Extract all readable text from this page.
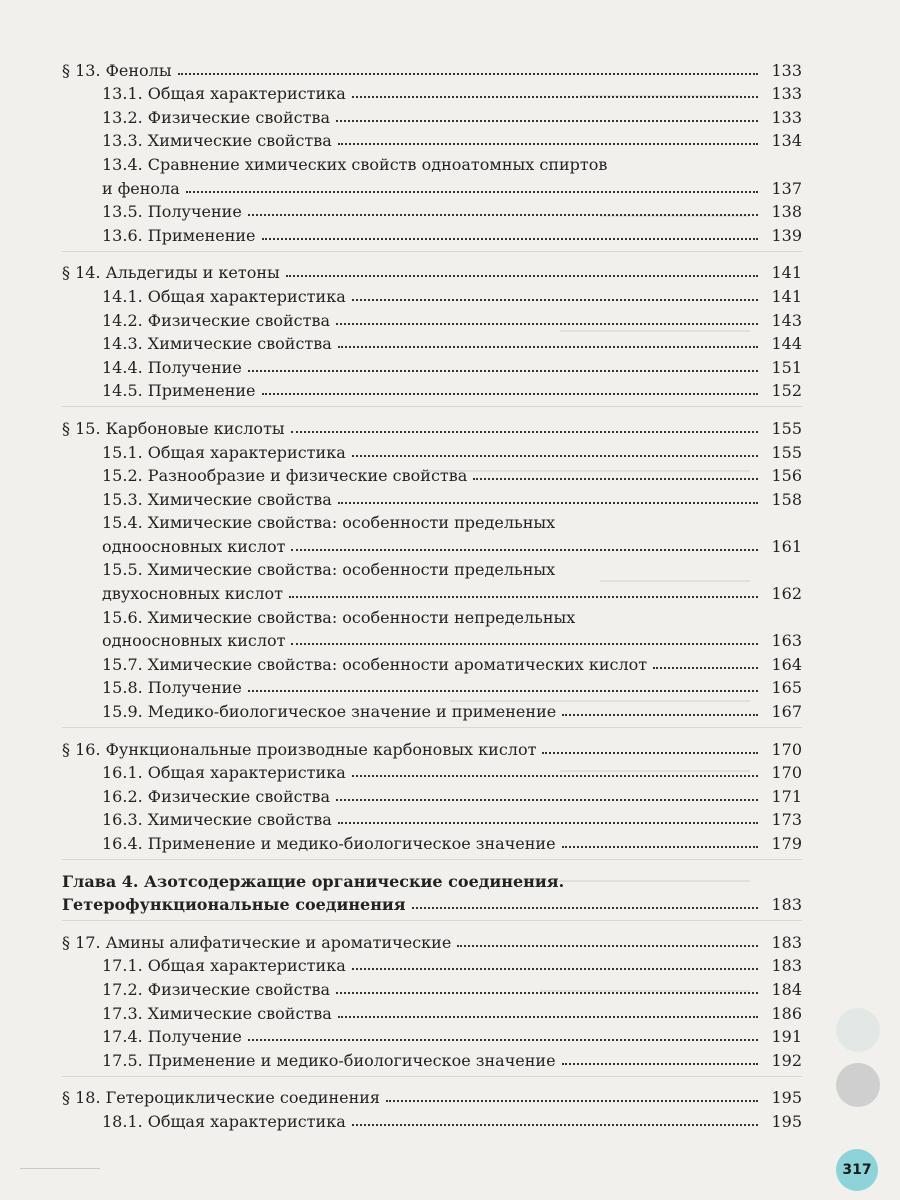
§ 13. Фенолы	133
13.1. Общая характеристика	133
13.2. Физические свойства	133
13.3. Химические свойства	134
13.4. Сравнение химических свойств одноатомных спиртов
и фенола	137
13.5. Получение	138
13.6. Применение	139
§ 14. Альдегиды и кетоны	141
14.1. Общая характеристика	141
14.2. Физические свойства	143
14.3. Химические свойства	144
14.4. Получение	151
14.5. Применение	152
§ 15. Карбоновые кислоты	155
15.1. Общая характеристика	155
15.2. Разнообразие и физические свойства	156
15.3. Химические свойства	158
15.4. Химические свойства: особенности предельных
одноосновных кислот	161
15.5. Химические свойства: особенности предельных
двухосновных кислот	162
15.6. Химические свойства: особенности непредельных
одноосновных кислот	163
15.7. Химические свойства: особенности ароматических кислот	164
15.8. Получение	165
15.9. Медико-биологическое значение и применение	167
§ 16. Функциональные производные карбоновых кислот	170
16.1. Общая характеристика	170
16.2. Физические свойства	171
16.3. Химические свойства	173
16.4. Применение и медико-биологическое значение	179
Глава 4. Азотсодержащие органические соединения.
Гетерофункциональные соединения	183
§ 17. Амины алифатические и ароматические	183
17.1. Общая характеристика	183
17.2. Физические свойства	184
17.3. Химические свойства	186
17.4. Получение	191
17.5. Применение и медико-биологическое значение	192
§ 18. Гетероциклические соединения	195
18.1. Общая характеристика	195
317
